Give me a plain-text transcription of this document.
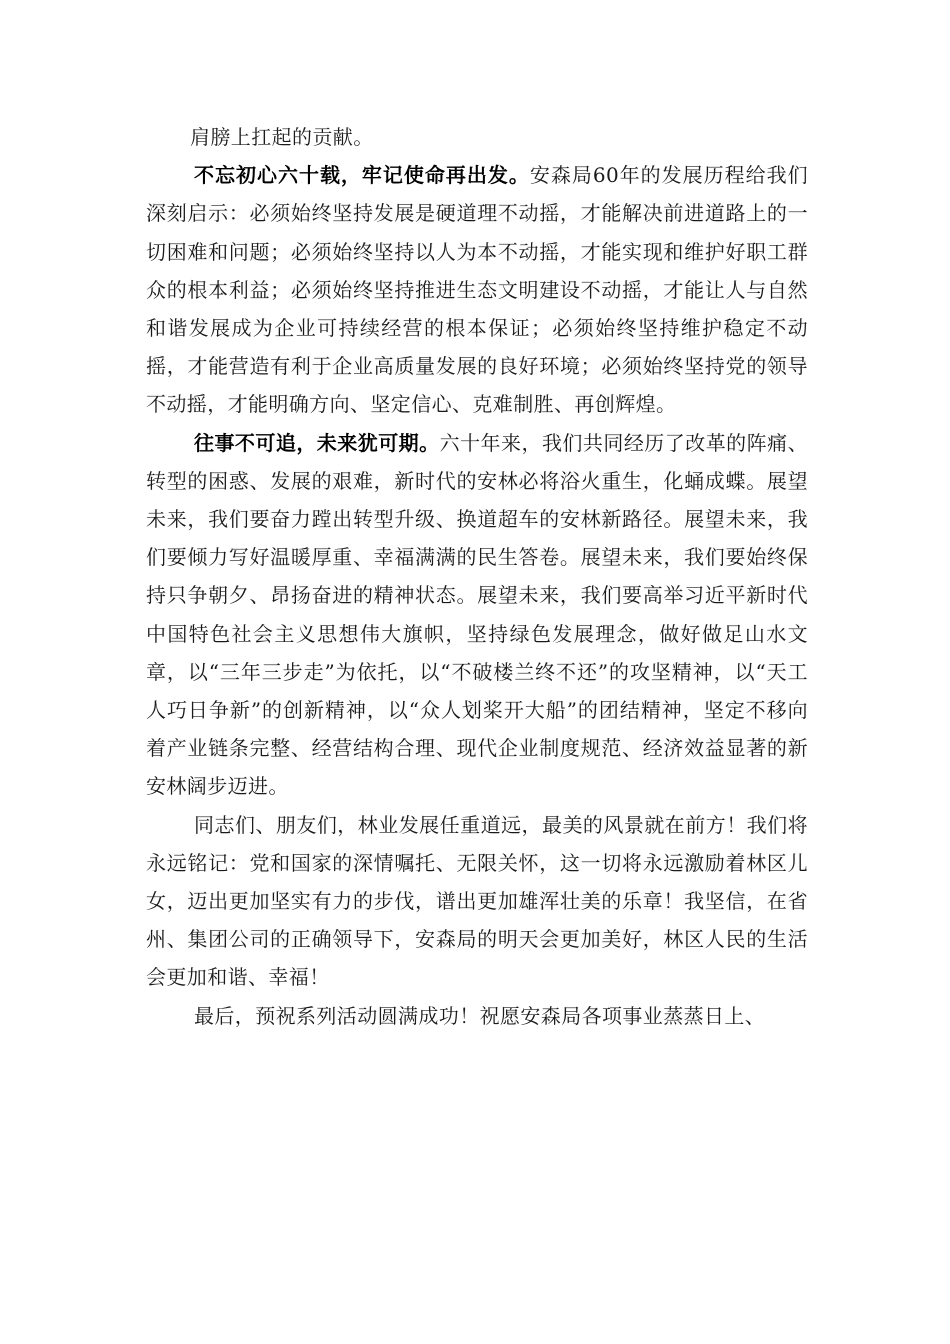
肩膀上扛起的贡献。

不忘初心六十载，牢记使命再出发。安森局60年的发展历程给我们深刻启示：必须始终坚持发展是硬道理不动摇，才能解决前进道路上的一切困难和问题；必须始终坚持以人为本不动摇，才能实现和维护好职工群众的根本利益；必须始终坚持推进生态文明建设不动摇，才能让人与自然和谐发展成为企业可持续经营的根本保证；必须始终坚持维护稳定不动摇，才能营造有利于企业高质量发展的良好环境；必须始终坚持党的领导不动摇，才能明确方向、坚定信心、克难制胜、再创辉煌。

往事不可追，未来犹可期。六十年来，我们共同经历了改革的阵痛、转型的困惑、发展的艰难，新时代的安林必将浴火重生，化蛹成蝶。展望未来，我们要奋力蹚出转型升级、换道超车的安林新路径。展望未来，我们要倾力写好温暖厚重、幸福满满的民生答卷。展望未来，我们要始终保持只争朝夕、昂扬奋进的精神状态。展望未来，我们要高举习近平新时代中国特色社会主义思想伟大旗帜，坚持绿色发展理念，做好做足山水文章，以“三年三步走”为依托，以“不破楼兰终不还”的攻坚精神，以“天工人巧日争新”的创新精神，以“众人划桨开大船”的团结精神，坚定不移向着产业链条完整、经营结构合理、现代企业制度规范、经济效益显著的新安林阔步迈进。

同志们、朋友们，林业发展任重道远，最美的风景就在前方！我们将永远铭记：党和国家的深情嘱托、无限关怀，这一切将永远激励着林区儿女，迈出更加坚实有力的步伐，谱出更加雄浑壮美的乐章！我坚信，在省州、集团公司的正确领导下，安森局的明天会更加美好，林区人民的生活会更加和谐、幸福！

最后，预祝系列活动圆满成功！祝愿安森局各项事业蒸蒸日上、
